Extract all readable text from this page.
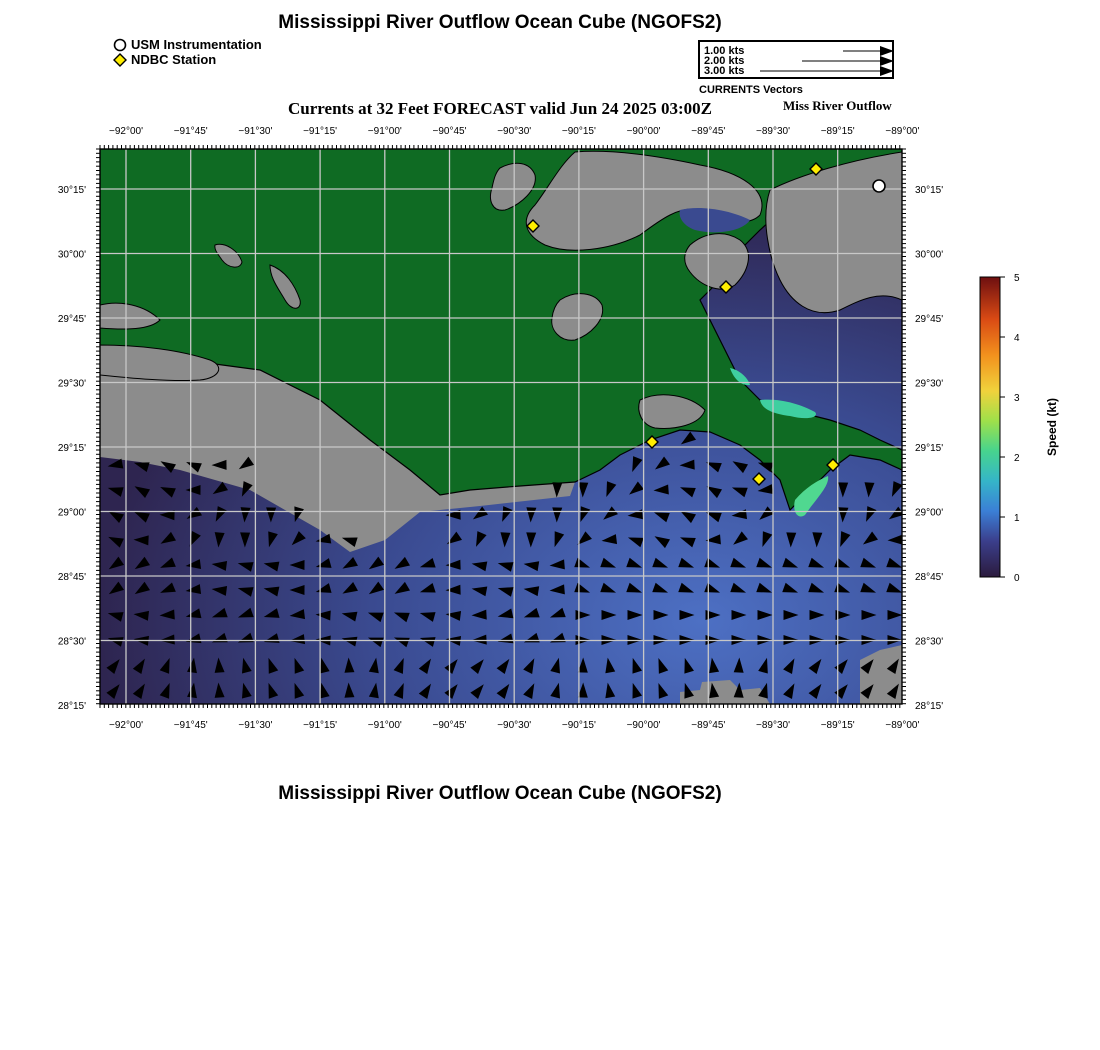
Mississippi River Outflow Ocean Cube (NGOFS2)
USM Instrumentation
NDBC Station
1.00 kts
2.00 kts
3.00 kts
CURRENTS Vectors
Currents at 32 Feet FORECAST valid Jun 24 2025 03:00Z	Miss River Outflow
−92°00'	−91°45'	−91°30'	−91°15'	−91°00'	−90°45'	−90°30'	−90°15'	−90°00'	−89°45'	−89°30'	−89°15'	−89°00'
−92°00'	−91°45'	−91°30'	−91°15'	−91°00'	−90°45'	−90°30'	−90°15'	−90°00'	−89°45'	−89°30'	−89°15'	−89°00'
30°15'
30°00'
29°45'
29°30'
29°15'
29°00'
28°45'
28°30'
28°15'
30°15'
30°00'
29°45'
29°30'
29°15'
29°00'
28°45'
28°30'
28°15'
0
1
2
3
4
5
Speed (kt)
Mississippi River Outflow Ocean Cube (NGOFS2)
